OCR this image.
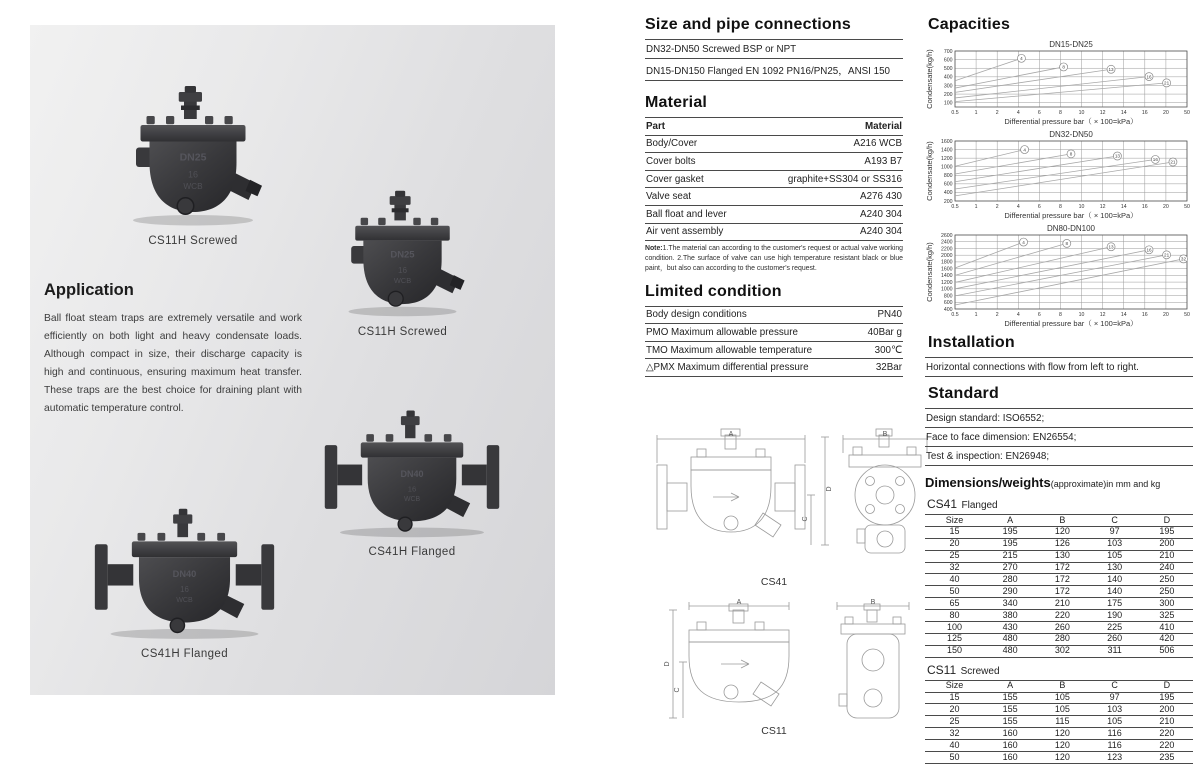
CS11H Screwed
CS11H Screwed
CS41H Flanged
CS41H Flanged
Application

Ball float steam traps are extremely versatile and work efficiently on both light and heavy condensate loads. Although compact in size, their discharge capacity is high and continuous, ensuring maximum heat transfer. These traps are the best choice for draining plant with automatic temperature control.

Size and pipe connections
DN32-DN50 Screwed BSP or NPT
DN15-DN150 Flanged EN 1092 PN16/PN25，ANSI 150
Material
Part	Material
Body/Cover	A216 WCB
Cover bolts	A193 B7
Cover gasket	graphite+SS304 or SS316
Valve seat	A276 430
Ball float and lever	A240 304
Air vent assembly	A240 304

Note:1.The material can according to the customer's request or actual valve working condition. 2.The surface of valve can use high temperature resistant black or blue paint，but also can according to the customer's request.

Limited condition
Body design conditions	PN40
PMO Maximum allowable pressure	40Bar g
TMO Maximum allowable temperature	300℃
△PMX Maximum differential pressure	32Bar
A	B
C
D
CS41
A	B
C
D
CS11
Capacities
DN15-DN25
Condensate(kg/h)
0.5	1	2	4	6	8	10	12	14	16	20	50
100
200
300
400
500
600
700
4
8	13
16
21
Differential pressure bar（ × 100=kPa）
DN32-DN50
Condensate(kg/h)
0.5	1	2	4	6	8	10	12	14	16	20	50
200
400
600
800
1000
1200
1400
1600
4
8	13
16
21
Differential pressure bar（ × 100=kPa）
DN80-DN100
Condensate(kg/h)
0.5	1	2	4	6	8	10	12	14	16	20	50
400
600
800
1000
1200
1400
1600
1800
2000
2200
2400
2600
4	8
13
16
21
32
Differential pressure bar（ × 100=kPa）
Installation
Horizontal connections with flow from left to right.
Standard
Design standard: ISO6552;
Face to face dimension: EN26554;
Test & inspection: EN26948;
Dimensions/weights(approximate)in mm and kg
CS41 Flanged
Size	A	B	C	D
15	195	120	97	195
20	195	126	103	200
25	215	130	105	210
32	270	172	130	240
40	280	172	140	250
50	290	172	140	250
65	340	210	175	300
80	380	220	190	325
100	430	260	225	410
125	480	280	260	420
150	480	302	311	506
CS11 Screwed
Size	A	B	C	D
15	155	105	97	195
20	155	105	103	200
25	155	115	105	210
32	160	120	116	220
40	160	120	116	220
50	160	120	123	235
